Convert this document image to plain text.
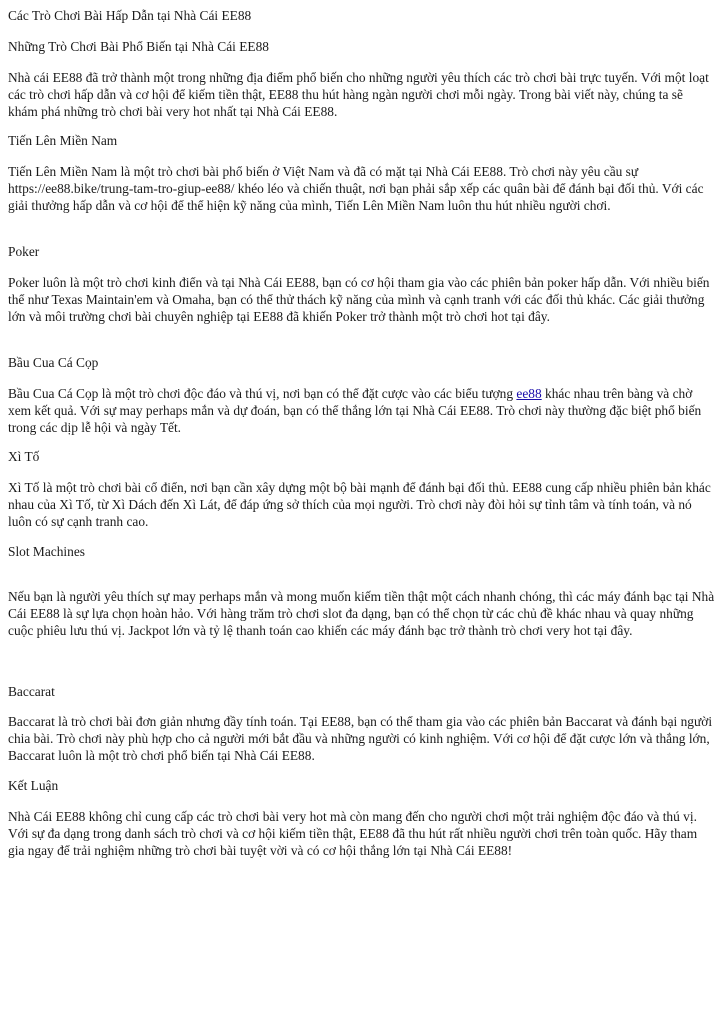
Các Trò Chơi Bài Hấp Dẫn tại Nhà Cái EE88

Những Trò Chơi Bài Phổ Biến tại Nhà Cái EE88

Nhà cái EE88 đã trở thành một trong những địa điểm phổ biến cho những người yêu thích các trò chơi bài trực tuyến. Với một loạt các trò chơi hấp dẫn và cơ hội để kiếm tiền thật, EE88 thu hút hàng ngàn người chơi mỗi ngày. Trong bài viết này, chúng ta sẽ khám phá những trò chơi bài very hot nhất tại Nhà Cái EE88.

Tiến Lên Miền Nam

Tiến Lên Miền Nam là một trò chơi bài phổ biến ở Việt Nam và đã có mặt tại Nhà Cái EE88. Trò chơi này yêu cầu sự https://ee88.bike/trung-tam-tro-giup-ee88/ khéo léo và chiến thuật, nơi bạn phải sắp xếp các quân bài để đánh bại đối thủ. Với các giải thưởng hấp dẫn và cơ hội để thể hiện kỹ năng của mình, Tiến Lên Miền Nam luôn thu hút nhiều người chơi.

Poker

Poker luôn là một trò chơi kinh điển và tại Nhà Cái EE88, bạn có cơ hội tham gia vào các phiên bản poker hấp dẫn. Với nhiều biến thể như Texas Maintain'em và Omaha, bạn có thể thử thách kỹ năng của mình và cạnh tranh với các đối thủ khác. Các giải thưởng lớn và môi trường chơi bài chuyên nghiệp tại EE88 đã khiến Poker trở thành một trò chơi hot tại đây.

Bầu Cua Cá Cọp

Bầu Cua Cá Cọp là một trò chơi độc đáo và thú vị, nơi bạn có thể đặt cược vào các biểu tượng ee88 khác nhau trên bàng và chờ xem kết quả. Với sự may perhaps mắn và dự đoán, bạn có thể thắng lớn tại Nhà Cái EE88. Trò chơi này thường đặc biệt phổ biến trong các dịp lễ hội và ngày Tết.

Xì Tố

Xì Tố là một trò chơi bài cổ điển, nơi bạn cần xây dựng một bộ bài mạnh để đánh bại đối thủ. EE88 cung cấp nhiều phiên bản khác nhau của Xì Tố, từ Xì Dách đến Xì Lát, để đáp ứng sở thích của mọi người. Trò chơi này đòi hỏi sự tỉnh tâm và tính toán, và nó luôn có sự cạnh tranh cao.

Slot Machines

Nếu bạn là người yêu thích sự may perhaps mắn và mong muốn kiếm tiền thật một cách nhanh chóng, thì các máy đánh bạc tại Nhà Cái EE88 là sự lựa chọn hoàn hảo. Với hàng trăm trò chơi slot đa dạng, bạn có thể chọn từ các chủ đề khác nhau và quay những cuộc phiêu lưu thú vị. Jackpot lớn và tỷ lệ thanh toán cao khiến các máy đánh bạc trở thành trò chơi very hot tại đây.

Baccarat

Baccarat là trò chơi bài đơn giản nhưng đầy tính toán. Tại EE88, bạn có thể tham gia vào các phiên bản Baccarat và đánh bại người chia bài. Trò chơi này phù hợp cho cả người mới bắt đầu và những người có kinh nghiệm. Với cơ hội để đặt cược lớn và thắng lớn, Baccarat luôn là một trò chơi phổ biến tại Nhà Cái EE88.

Kết Luận

Nhà Cái EE88 không chỉ cung cấp các trò chơi bài very hot mà còn mang đến cho người chơi một trải nghiệm độc đáo và thú vị. Với sự đa dạng trong danh sách trò chơi và cơ hội kiếm tiền thật, EE88 đã thu hút rất nhiều người chơi trên toàn quốc. Hãy tham gia ngay để trải nghiệm những trò chơi bài tuyệt vời và có cơ hội thắng lớn tại Nhà Cái EE88!
